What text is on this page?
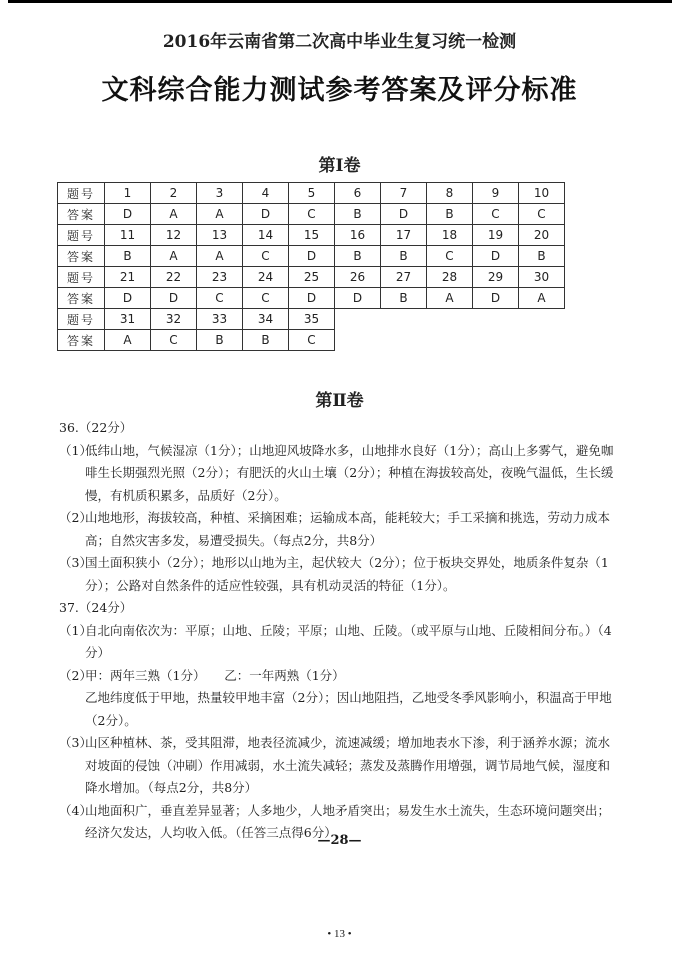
2016年云南省第二次高中毕业生复习统一检测
文科综合能力测试参考答案及评分标准
第Ⅰ卷
题号	1	2	3	4	5	6	7	8	9	10
答案	D	A	A	D	C	B	D	B	C	C
题号	11	12	13	14	15	16	17	18	19	20
答案	B	A	A	C	D	B	B	C	D	B
题号	21	22	23	24	25	26	27	28	29	30
答案	D	D	C	C	D	D	B	A	D	A
题号	31	32	33	34	35					
答案	A	C	B	B	C					
第Ⅱ卷
36.（22分）
（1）
低纬山地，气候湿凉（1分）；山地迎风坡降水多，山地排水良好（1分）；高山上多雾气，避免咖啡生长期强烈光照（2分）；有肥沃的火山土壤（2分）；种植在海拔较高处，夜晚气温低，生长缓慢，有机质积累多，品质好（2分）。
（2）
山地地形，海拔较高，种植、采摘困难；运输成本高，能耗较大；手工采摘和挑选，劳动力成本高；自然灾害多发，易遭受损失。（每点2分，共8分）
（3）
国土面积狭小（2分）；地形以山地为主，起伏较大（2分）；位于板块交界处，地质条件复杂（1分）；公路对自然条件的适应性较强，具有机动灵活的特征（1分）。
37.（24分）
（1）
自北向南依次为：平原；山地、丘陵；平原；山地、丘陵。（或平原与山地、丘陵相间分布。）（4分）
（2）
甲：两年三熟（1分）　　乙：一年两熟（1分）
乙地纬度低于甲地，热量较甲地丰富（2分）；因山地阻挡，乙地受冬季风影响小，积温高于甲地（2分）。
（3）
山区种植林、茶，受其阻滞，地表径流减少，流速减缓；增加地表水下渗，利于涵养水源；流水对坡面的侵蚀（冲刷）作用减弱，水土流失减轻；蒸发及蒸腾作用增强，调节局地气候，湿度和降水增加。（每点2分，共8分）
（4）
山地面积广，垂直差异显著；人多地少，人地矛盾突出；易发生水土流失，生态环境问题突出；经济欠发达，人均收入低。（任答三点得6分）
—28—
• 13 •
